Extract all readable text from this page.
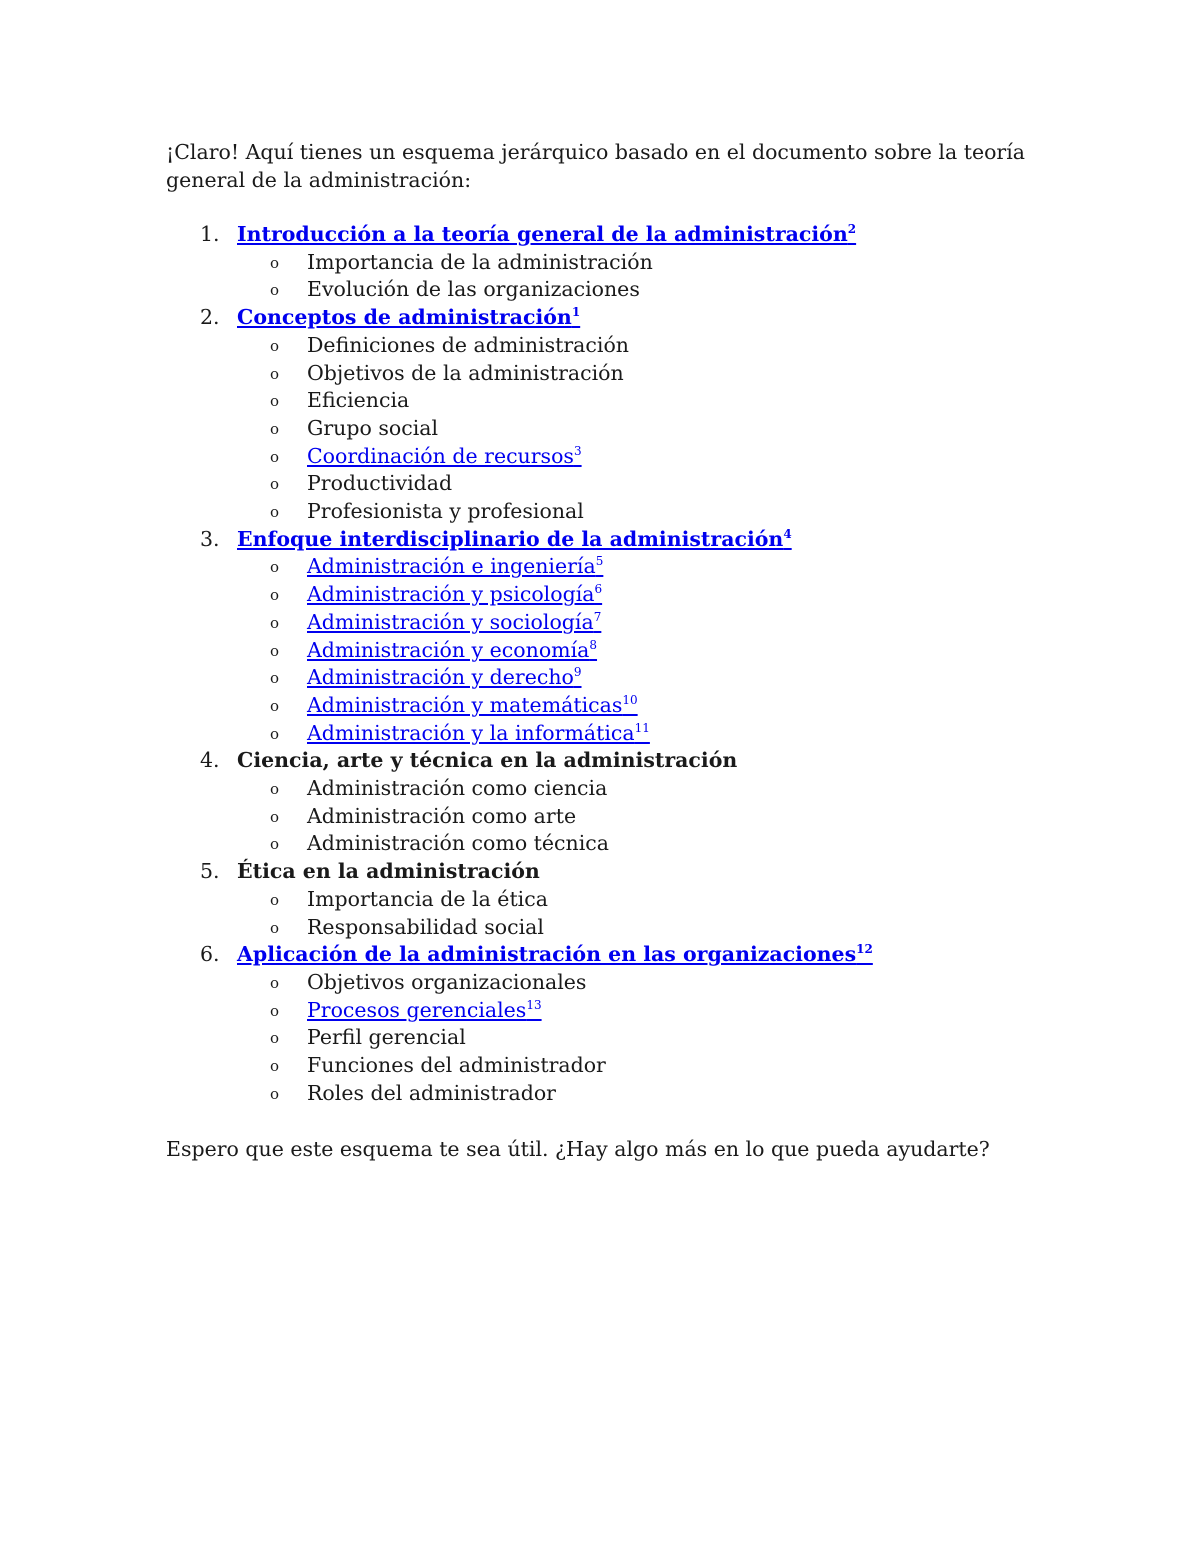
¡Claro! Aquí tienes un esquema jerárquico basado en el documento sobre la teoría general de la administración:

1. Introducción a la teoría general de la administración$^2$
o Importancia de la administración
o Evolución de las organizaciones
2. Conceptos de administración$^1$
o Definiciones de administración
o Objetivos de la administración
o Eficiencia
o Grupo social
o Coordinación de recursos$^3$
o Productividad
o Profesionista y profesional
3. Enfoque interdisciplinario de la administración$^4$
o Administración e ingeniería$^5$
o Administración y psicología$^6$
o Administración y sociología$^7$
o Administración y economía$^8$
o Administración y derecho$^9$
o Administración y matemáticas$^{10}$
o Administración y la informática$^{11}$
4. Ciencia, arte y técnica en la administración
o Administración como ciencia
o Administración como arte
o Administración como técnica
5. Ética en la administración
o Importancia de la ética
o Responsabilidad social
6. Aplicación de la administración en las organizaciones$^{12}$
o Objetivos organizacionales
o Procesos gerenciales$^{13}$
o Perfil gerencial
o Funciones del administrador
o Roles del administrador

Espero que este esquema te sea útil. ¿Hay algo más en lo que pueda ayudarte?
